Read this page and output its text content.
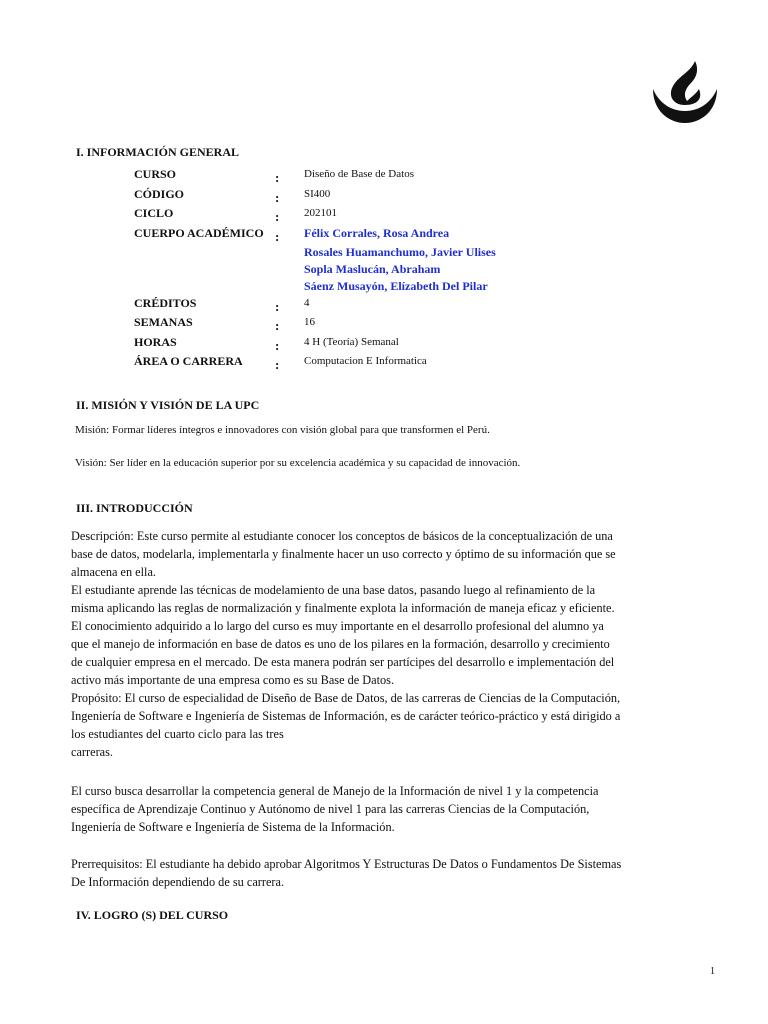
I. INFORMACIÓN GENERAL
CURSO	: Diseño de Base de Datos
CÓDIGO	: SI400
CICLO	: 202101
CUERPO ACADÉMICO : Félix Corrales, Rosa Andrea
Rosales Huamanchumo, Javier Ulises
Sopla Maslucán, Abraham
Sáenz Musayón, Elízabeth Del Pilar
CRÉDITOS	: 4
SEMANAS	: 16
HORAS	: 4 H (Teoría) Semanal
ÁREA O CARRERA : Computacion E Informatica
II. MISIÓN Y VISIÓN DE LA UPC
Misión: Formar líderes íntegros e innovadores con visión global para que transformen el Perú.
Visión: Ser líder en la educación superior por su excelencia académica y su capacidad de innovación.
III. INTRODUCCIÓN

Descripción: Este curso permite al estudiante conocer los conceptos de básicos de la conceptualización de una

base de datos, modelarla, implementarla y finalmente hacer un uso correcto y óptimo de su información que se

almacena en ella.

El estudiante aprende las técnicas de modelamiento de una base datos, pasando luego al refinamiento de la

misma aplicando las reglas de normalización y finalmente explota la información de maneja eficaz y eficiente.

El conocimiento adquirido a lo largo del curso es muy importante en el desarrollo profesional del alumno ya

que el manejo de información en base de datos es uno de los pilares en la formación, desarrollo y crecimiento

de cualquier empresa en el mercado. De esta manera podrán ser partícipes del desarrollo e implementación del

activo más importante de una empresa como es su Base de Datos.

Propósito: El curso de especialidad de Diseño de Base de Datos, de las carreras de Ciencias de la Computación,

Ingeniería de Software e Ingeniería de Sistemas de Información, es de carácter teórico-práctico y está dirigido a

los estudiantes del cuarto ciclo para las tres

carreras.

El curso busca desarrollar la competencia general de Manejo de la Información de nivel 1 y la competencia

específica de Aprendizaje Continuo y Autónomo de nivel 1 para las carreras Ciencias de la Computación,

Ingeniería de Software e Ingeniería de Sistema de la Información.

Prerrequisitos: El estudiante ha debido aprobar Algoritmos Y Estructuras De Datos o Fundamentos De Sistemas

De Información dependiendo de su carrera.

IV. LOGRO (S) DEL CURSO
1
